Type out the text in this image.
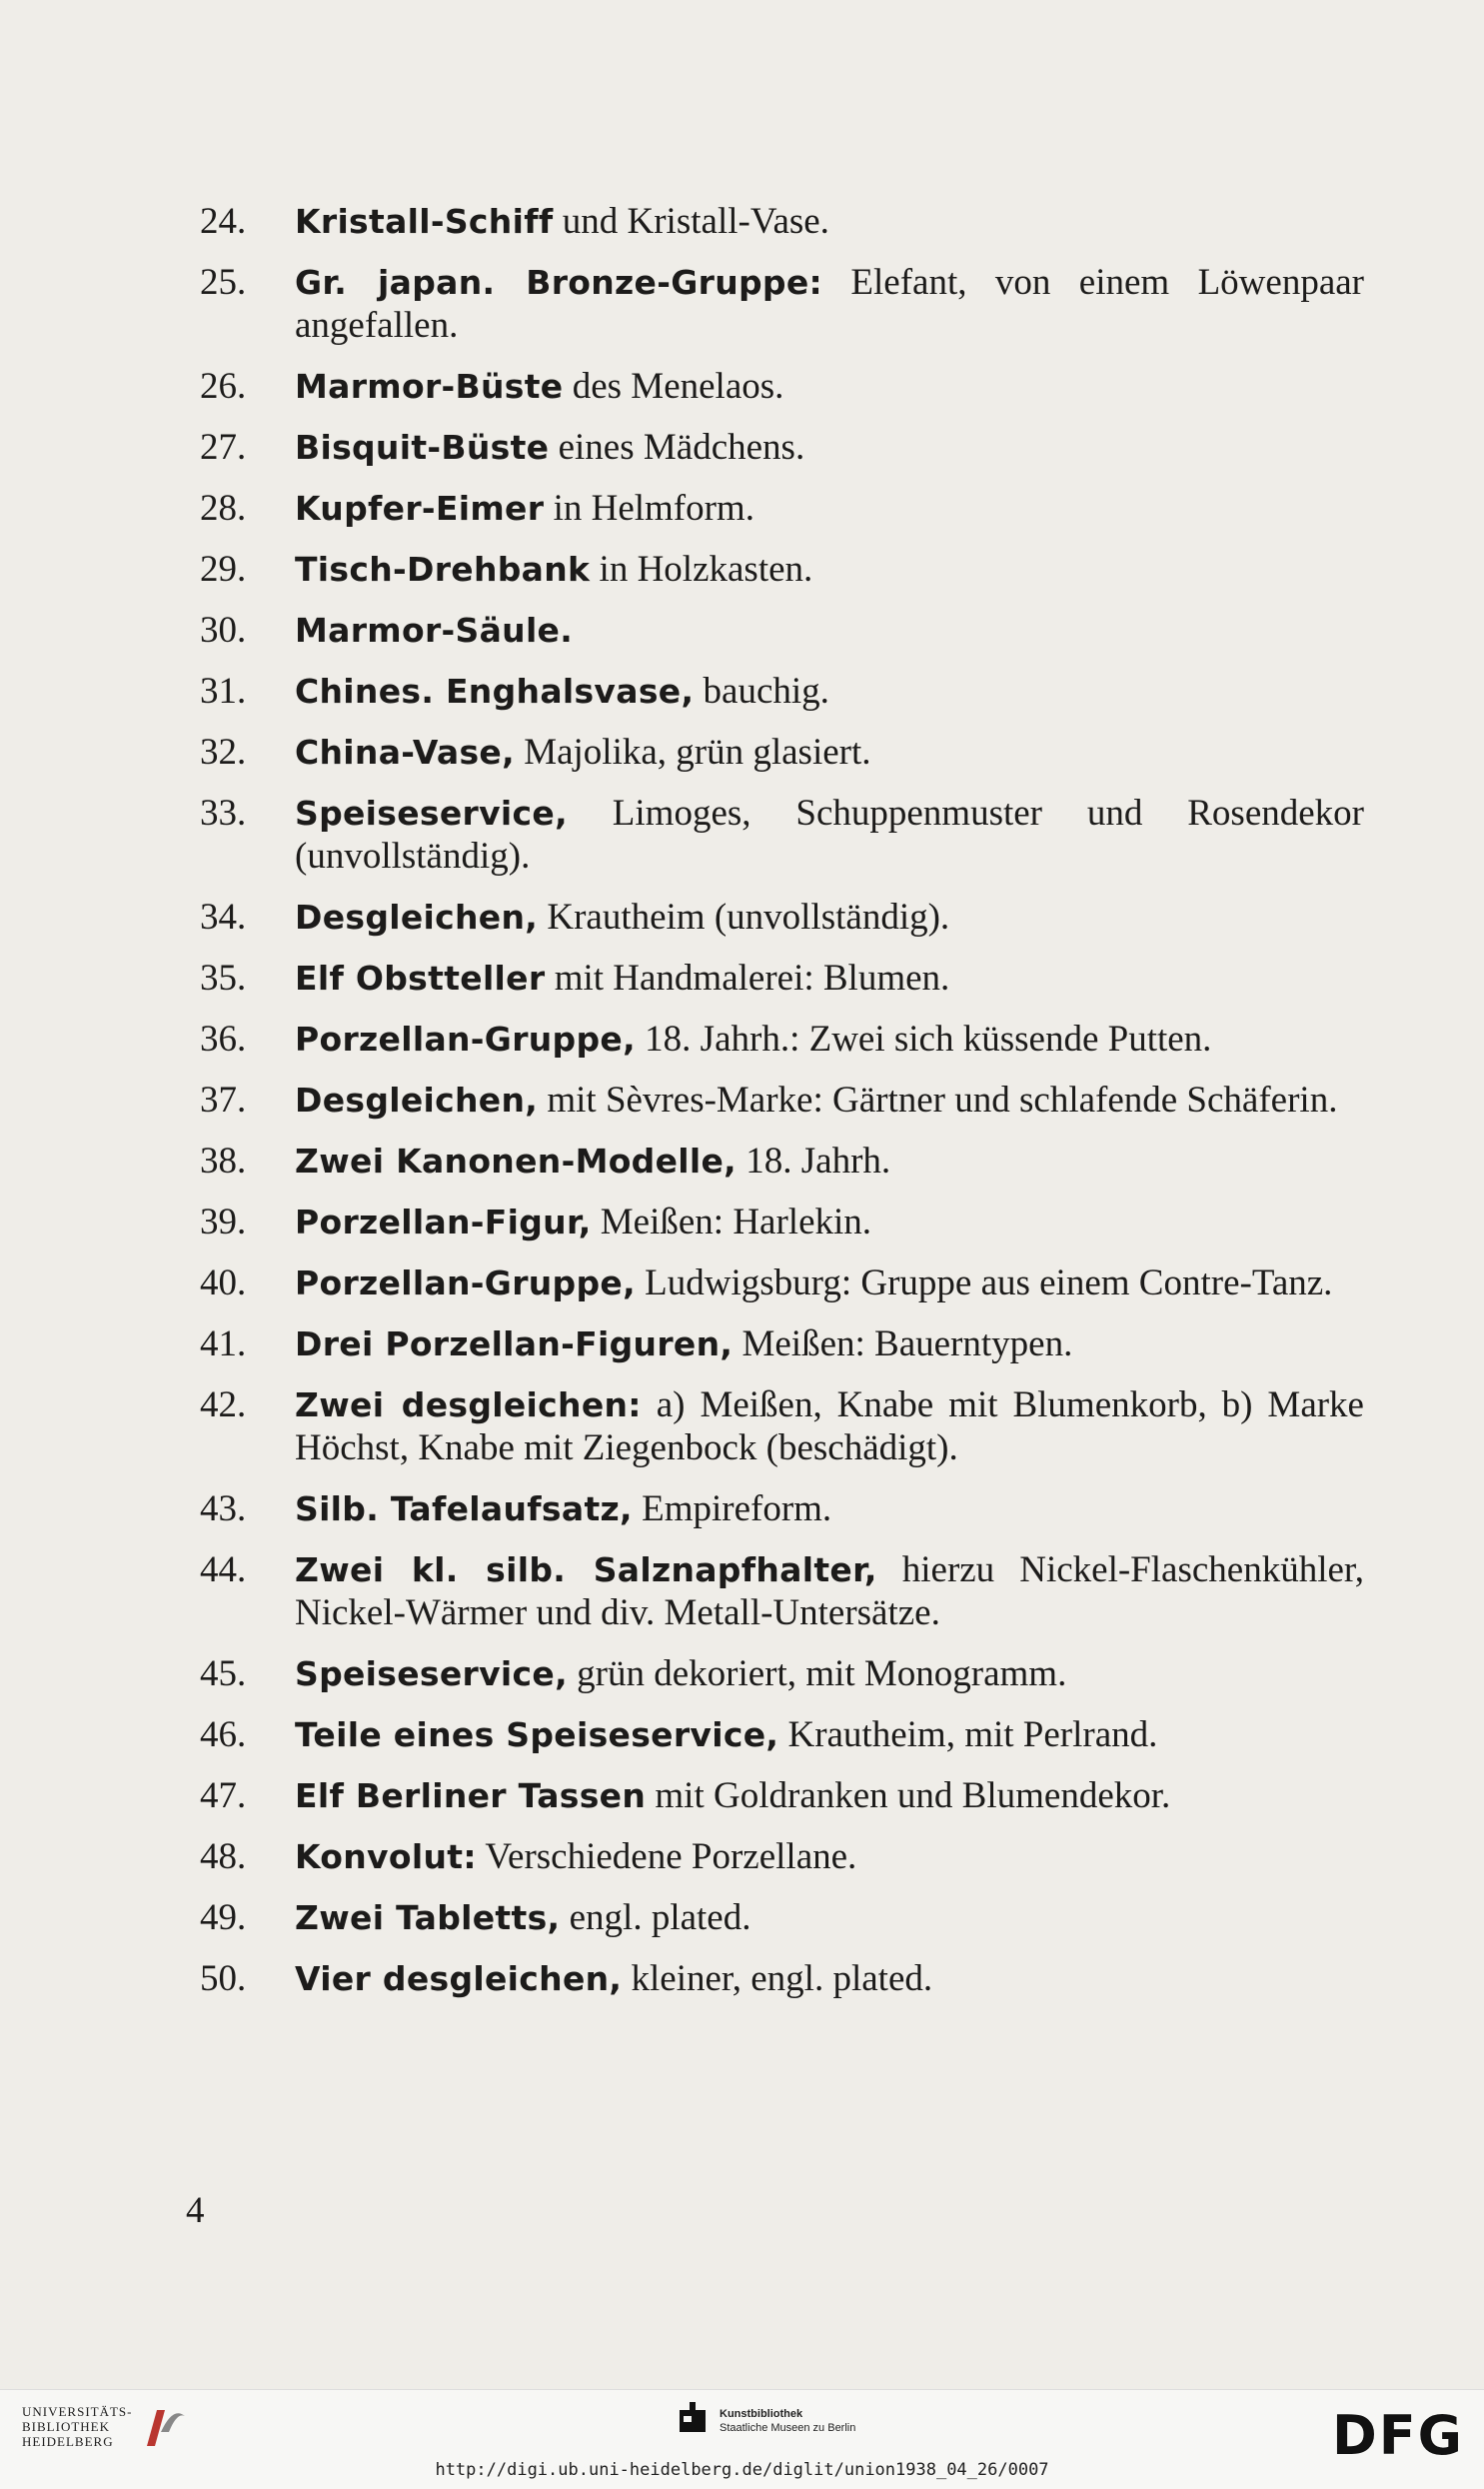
24.	Kristall-Schiff und Kristall-Vase.
25.	Gr. japan. Bronze-Gruppe: Elefant, von einem Löwenpaar angefallen.
26.	Marmor-Büste des Menelaos.
27.	Bisquit-Büste eines Mädchens.
28.	Kupfer-Eimer in Helmform.
29.	Tisch-Drehbank in Holzkasten.
30.	Marmor-Säule.
31.	Chines. Enghalsvase, bauchig.
32.	China-Vase, Majolika, grün glasiert.
33.	Speiseservice, Limoges, Schuppenmuster und Rosendekor (unvollständig).
34.	Desgleichen, Krautheim (unvollständig).
35.	Elf Obstteller mit Handmalerei: Blumen.
36.	Porzellan-Gruppe, 18. Jahrh.: Zwei sich küssende Putten.
37.	Desgleichen, mit Sèvres-Marke: Gärtner und schlafende Schäferin.
38.	Zwei Kanonen-Modelle, 18. Jahrh.
39.	Porzellan-Figur, Meißen: Harlekin.
40.	Porzellan-Gruppe, Ludwigsburg: Gruppe aus einem Contre-Tanz.
41.	Drei Porzellan-Figuren, Meißen: Bauerntypen.
42.	Zwei desgleichen: a) Meißen, Knabe mit Blumenkorb, b) Marke Höchst, Knabe mit Ziegenbock (beschädigt).
43.	Silb. Tafelaufsatz, Empireform.
44.	Zwei kl. silb. Salznapfhalter, hierzu Nickel-Flaschenkühler, Nickel-Wärmer und div. Metall-Untersätze.
45.	Speiseservice, grün dekoriert, mit Monogramm.
46.	Teile eines Speiseservice, Krautheim, mit Perlrand.
47.	Elf Berliner Tassen mit Goldranken und Blumendekor.
48.	Konvolut: Verschiedene Porzellane.
49.	Zwei Tabletts, engl. plated.
50.	Vier desgleichen, kleiner, engl. plated.
4
UNIVERSITÄTS-
BIBLIOTHEK
HEIDELBERG
Kunstbibliothek
Staatliche Museen zu Berlin	DFG
http://digi.ub.uni-heidelberg.de/diglit/union1938_04_26/0007
